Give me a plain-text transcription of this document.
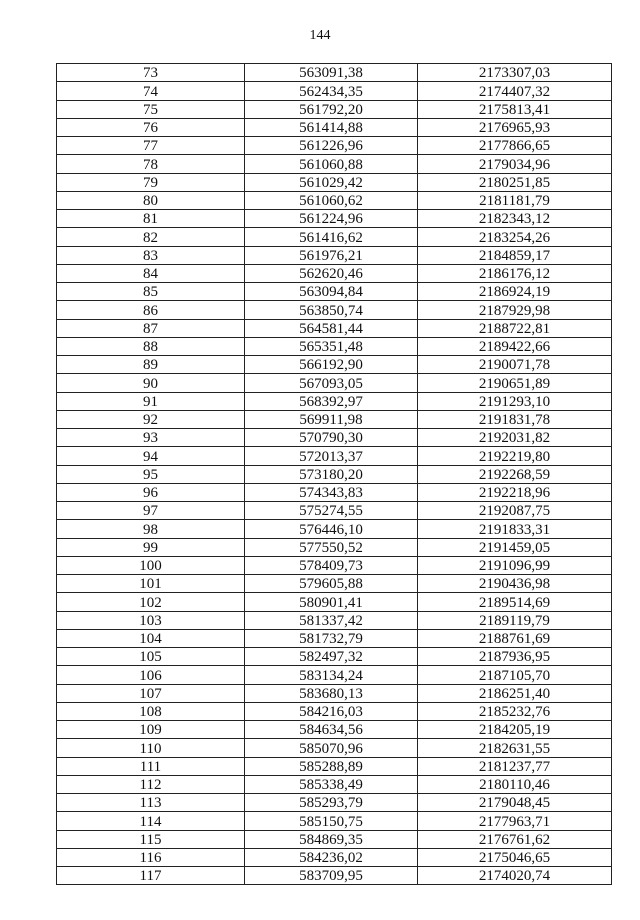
144
73	563091,38	2173307,03
74	562434,35	2174407,32
75	561792,20	2175813,41
76	561414,88	2176965,93
77	561226,96	2177866,65
78	561060,88	2179034,96
79	561029,42	2180251,85
80	561060,62	2181181,79
81	561224,96	2182343,12
82	561416,62	2183254,26
83	561976,21	2184859,17
84	562620,46	2186176,12
85	563094,84	2186924,19
86	563850,74	2187929,98
87	564581,44	2188722,81
88	565351,48	2189422,66
89	566192,90	2190071,78
90	567093,05	2190651,89
91	568392,97	2191293,10
92	569911,98	2191831,78
93	570790,30	2192031,82
94	572013,37	2192219,80
95	573180,20	2192268,59
96	574343,83	2192218,96
97	575274,55	2192087,75
98	576446,10	2191833,31
99	577550,52	2191459,05
100	578409,73	2191096,99
101	579605,88	2190436,98
102	580901,41	2189514,69
103	581337,42	2189119,79
104	581732,79	2188761,69
105	582497,32	2187936,95
106	583134,24	2187105,70
107	583680,13	2186251,40
108	584216,03	2185232,76
109	584634,56	2184205,19
110	585070,96	2182631,55
111	585288,89	2181237,77
112	585338,49	2180110,46
113	585293,79	2179048,45
114	585150,75	2177963,71
115	584869,35	2176761,62
116	584236,02	2175046,65
117	583709,95	2174020,74
